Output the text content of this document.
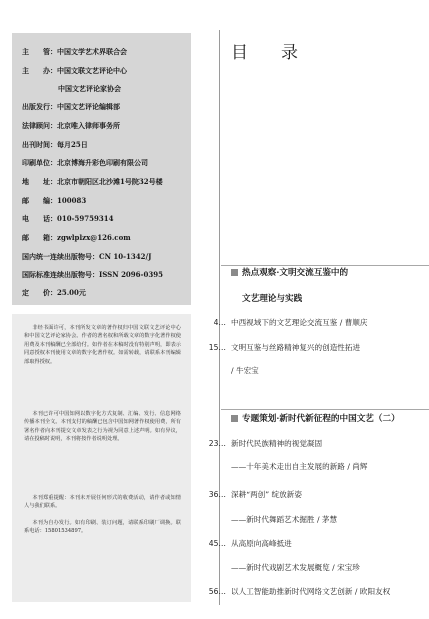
主　　管：中国文学艺术界联合会
主　　办：中国文联文艺评论中心
中国文艺评论家协会
出版发行：中国文艺评论编辑部
法律顾问：北京唯入律师事务所
出刊时间：每月25日
印刷单位：北京博海升彩色印刷有限公司
地　　址：北京市朝阳区北沙滩1号院32号楼
邮　　编：100083
电　　话：010-59759314
邮　　箱：zgwlplzx@126.com
国内统一连续出版物号：CN 10-1342/J
国际标准连续出版物号：ISSN 2096-0395
定　　价：25.00元

非经书面许可，本刊所发文章的著作权归中国文联文艺评论中心和中国文艺评论家协会。作者的著名权和所载文章的数字化著作权使用费及本刊稿酬已全部给付。如作者在本稿时没有特别声明，即表示同意授权本刊使用文章的数字化著作权。如需转载，请联系本刊编辑部取得授权。

本刊已许可中国知网以数字化方式复制、汇编、发行、信息网络传播本刊全文。本刊支付的稿酬已包含中国知网著作权使用费，所有署名作者向本刊提交文章发表之行为视为同意上述声明。如有异议，请在投稿时说明，本刊将按作者说明处理。

本刊郑重提醒：本刊未开展任何形式的收费活动，请作者或知情人与我们联系。

本刊为自办发行。如有印刷、装订问题，请联系印刷厂调换。联系电话：15801534897。

目　录
热点观察·文明交流互鉴中的
文艺理论与实践
4… 中西视域下的文艺理论交流互鉴 / 曹顺庆
15… 文明互鉴与丝路精神复兴的创造性拓进
/ 牛宏宝
专题策划·新时代新征程的中国文艺（二）
23… 新时代民族精神的视觉凝固
——十年美术走出自主发展的新路 / 尚辉
36… 深耕“两创” 绽放新姿
——新时代舞蹈艺术掘胜 / 茅慧
45… 从高原向高峰抵进
——新时代戏剧艺术发展概览 / 宋宝珍
56… 以人工智能助推新时代网络文艺创新 / 欧阳友权
